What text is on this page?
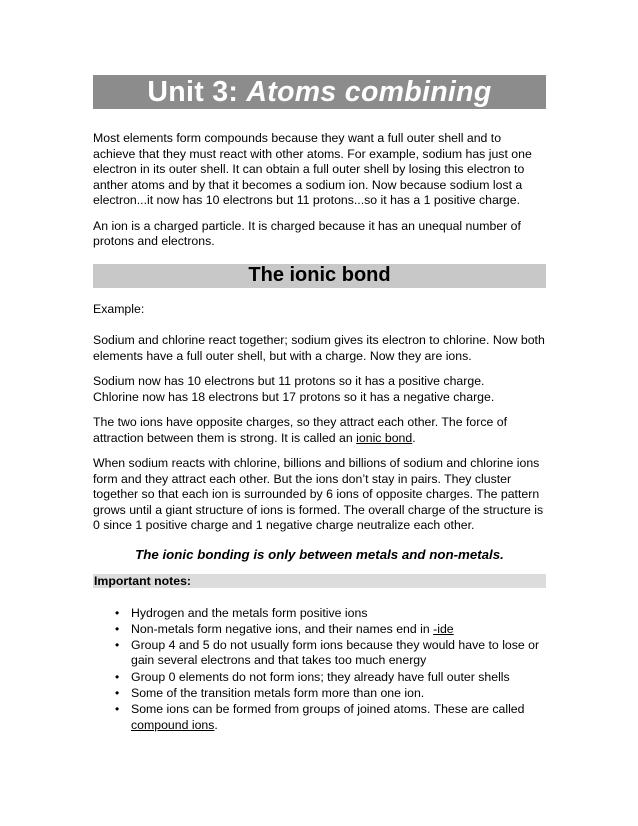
Unit 3: Atoms combining

Most elements form compounds because they want a full outer shell and to achieve that they must react with other atoms. For example, sodium has just one electron in its outer shell. It can obtain a full outer shell by losing this electron to anther atoms and by that it becomes a sodium ion. Now because sodium lost a electron...it now has 10 electrons but 11 protons...so it has a 1 positive charge.

An ion is a charged particle. It is charged because it has an unequal number of protons and electrons.

The ionic bond

Example:

Sodium and chlorine react together; sodium gives its electron to chlorine. Now both elements have a full outer shell, but with a charge. Now they are ions.

Sodium now has 10 electrons but 11 protons so it has a positive charge.

Chlorine now has 18 electrons but 17 protons so it has a negative charge.

The two ions have opposite charges, so they attract each other. The force of attraction between them is strong. It is called an ionic bond.

When sodium reacts with chlorine, billions and billions of sodium and chlorine ions form and they attract each other. But the ions don’t stay in pairs. They cluster together so that each ion is surrounded by 6 ions of opposite charges. The pattern grows until a giant structure of ions is formed. The overall charge of the structure is 0 since 1 positive charge and 1 negative charge neutralize each other.

The ionic bonding is only between metals and non-metals.
Important notes:
• Hydrogen and the metals form positive ions
• Non-metals form negative ions, and their names end in -ide
• Group 4 and 5 do not usually form ions because they would have to lose or gain several electrons and that takes too much energy
• Group 0 elements do not form ions; they already have full outer shells
• Some of the transition metals form more than one ion.
• Some ions can be formed from groups of joined atoms. These are called compound ions.
